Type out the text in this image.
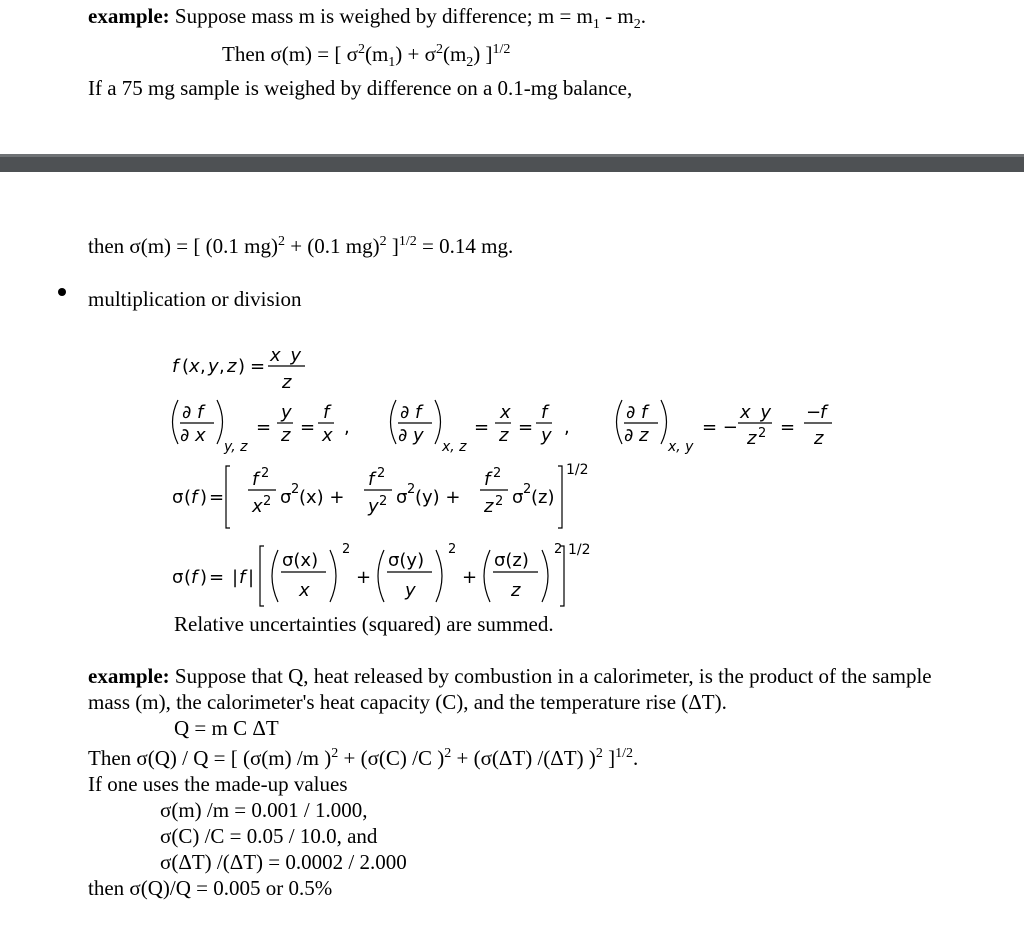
example: Suppose mass m is weighed by difference; $m = m_1 - m_2$.
Then σ(m) = [ $\sigma^2(m_1) + \sigma^2(m_2)$ ]$^{1/2}$
If a 75 mg sample is weighed by difference on a 0.1-mg balance,
then σ(m) = [ (0.1 mg)$^2$ + (0.1 mg)$^2$ ]$^{1/2}$ = 0.14 mg.
multiplication or division
f ( x , y , z ) =
x y
z
∂ f
∂ x
y, z
=
y
z =
f
x ,
∂ f
∂ y
x, z
=
x
z =
f
y ,
σ ( f ) =
f 2
x 2 σ 2 (x) +
f 2
y 2 σ 2 (y) +
f 2
z 2 σ 2 (z)
1/2
σ ( f ) = | f |
σ(x)
x
2
+
σ(y)
y
2
+
σ(z)
z
2 1/2
∂ f
∂ z
x, y
= −
x y
z 2 =
−
f
z
Relative uncertainties (squared) are summed.
example: Suppose that Q, heat released by combustion in a calorimeter, is the product of the sample
mass (m), the calorimeter's heat capacity (C), and the temperature rise (ΔT).
Q = m C ΔT
Then σ(Q) / Q = [ (σ(m) /m )$^2$ + (σ(C) /C )$^2$ + (σ(ΔT) /(ΔT) )$^2$ ]$^{1/2}$.
If one uses the made-up values
σ(m) /m = 0.001 / 1.000,
σ(C) /C = 0.05 / 10.0, and
σ(ΔT) /(ΔT) = 0.0002 / 2.000
then σ(Q)/Q = 0.005 or 0.5%
